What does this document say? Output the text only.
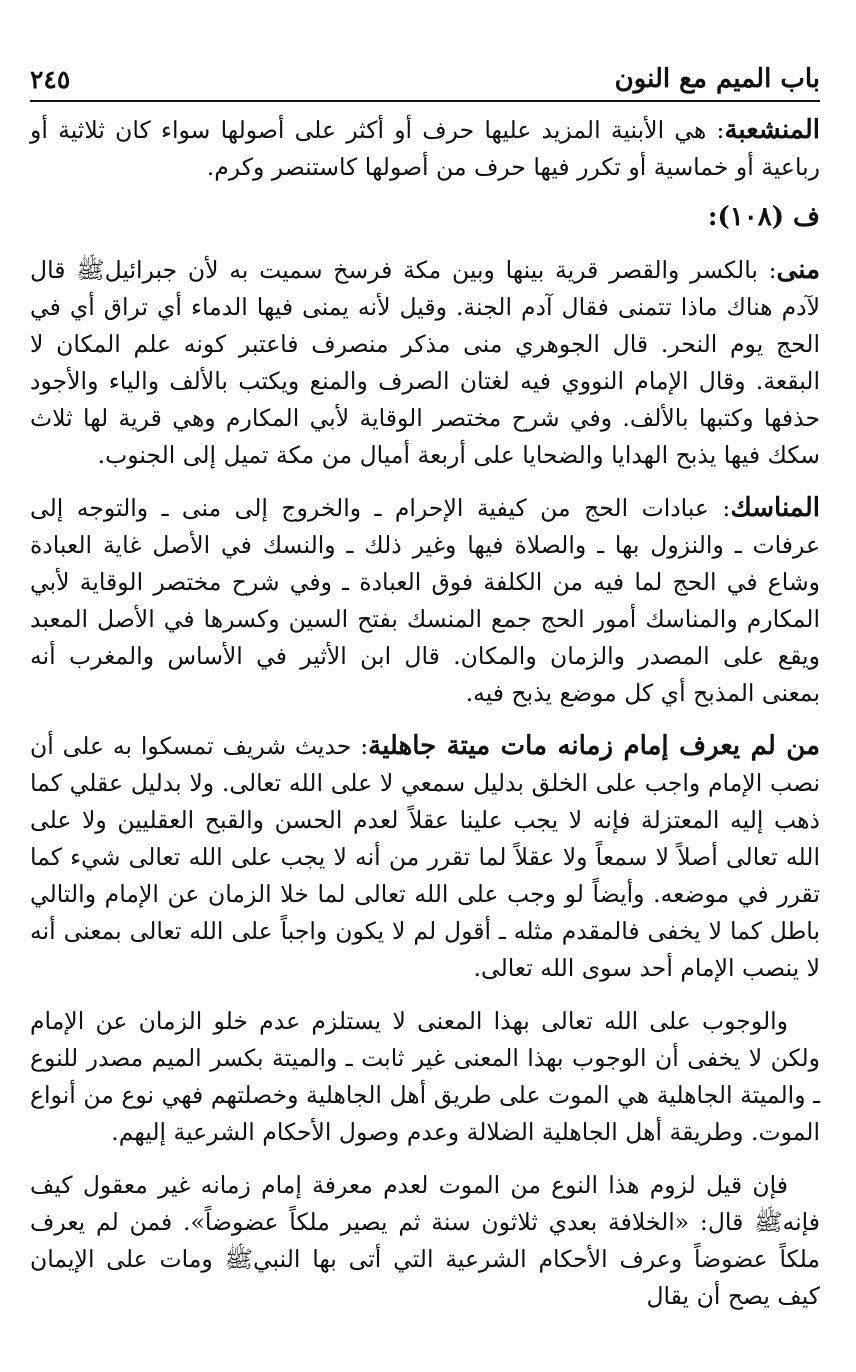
٢٤٥	باب الميم مع النون

المنشعبة: هي الأبنية المزيد عليها حرف أو أكثر على أصولها سواء كان ثلاثية أو رباعية أو خماسية أو تكرر فيها حرف من أصولها كاستنصر وكرم.

ف (١٠٨):

منى: بالكسر والقصر قرية بينها وبين مكة فرسخ سميت به لأن جبرائيلﷺ قال لآدم هناك ماذا تتمنى فقال آدم الجنة. وقيل لأنه يمنى فيها الدماء أي تراق أي في الحج يوم النحر. قال الجوهري منى مذكر منصرف فاعتبر كونه علم المكان لا البقعة. وقال الإمام النووي فيه لغتان الصرف والمنع ويكتب بالألف والياء والأجود حذفها وكتبها بالألف. وفي شرح مختصر الوقاية لأبي المكارم وهي قرية لها ثلاث سكك فيها يذبح الهدايا والضحايا على أربعة أميال من مكة تميل إلى الجنوب.

المناسك: عبادات الحج من كيفية الإحرام ـ والخروج إلى منى ـ والتوجه إلى عرفات ـ والنزول بها ـ والصلاة فيها وغير ذلك ـ والنسك في الأصل غاية العبادة وشاع في الحج لما فيه من الكلفة فوق العبادة ـ وفي شرح مختصر الوقاية لأبي المكارم والمناسك أمور الحج جمع المنسك بفتح السين وكسرها في الأصل المعبد ويقع على المصدر والزمان والمكان. قال ابن الأثير في الأساس والمغرب أنه بمعنى المذبح أي كل موضع يذبح فيه.

من لم يعرف إمام زمانه مات ميتة جاهلية: حديث شريف تمسكوا به على أن نصب الإمام واجب على الخلق بدليل سمعي لا على الله تعالى. ولا بدليل عقلي كما ذهب إليه المعتزلة فإنه لا يجب علينا عقلاً لعدم الحسن والقبح العقليين ولا على الله تعالى أصلاً لا سمعاً ولا عقلاً لما تقرر من أنه لا يجب على الله تعالى شيء كما تقرر في موضعه. وأيضاً لو وجب على الله تعالى لما خلا الزمان عن الإمام والتالي باطل كما لا يخفى فالمقدم مثله ـ أقول لم لا يكون واجباً على الله تعالى بمعنى أنه لا ينصب الإمام أحد سوى الله تعالى.

والوجوب على الله تعالى بهذا المعنى لا يستلزم عدم خلو الزمان عن الإمام ولكن لا يخفى أن الوجوب بهذا المعنى غير ثابت ـ والميتة بكسر الميم مصدر للنوع ـ والميتة الجاهلية هي الموت على طريق أهل الجاهلية وخصلتهم فهي نوع من أنواع الموت. وطريقة أهل الجاهلية الضلالة وعدم وصول الأحكام الشرعية إليهم.

فإن قيل لزوم هذا النوع من الموت لعدم معرفة إمام زمانه غير معقول كيف فإنهﷺ قال: «الخلافة بعدي ثلاثون سنة ثم يصير ملكاً عضوضاً». فمن لم يعرف ملكاً عضوضاً وعرف الأحكام الشرعية التي أتى بها النبيﷺ ومات على الإيمان كيف يصح أن يقال
